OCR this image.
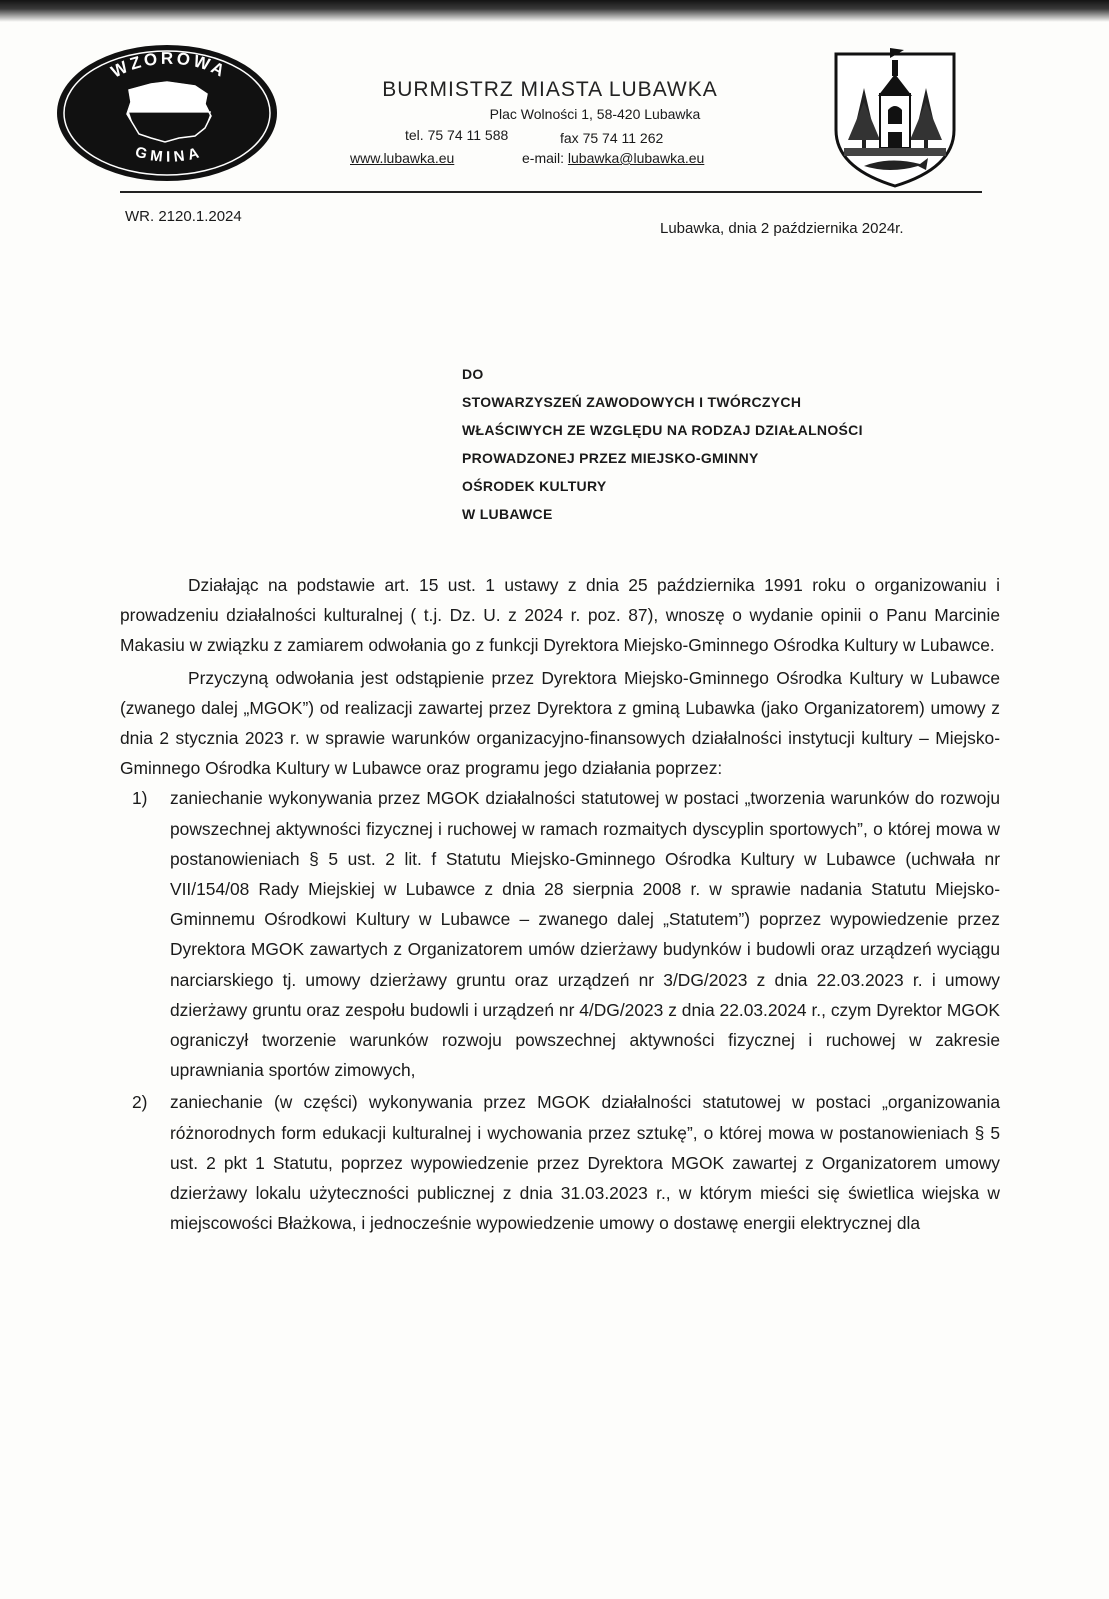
WZOROWA
GMINA
BURMISTRZ MIASTA LUBAWKA
Plac Wolności 1, 58-420 Lubawka
tel. 75 74 11 588	fax 75 74 11 262
www.lubawka.eu	e-mail: lubawka@lubawka.eu
WR. 2120.1.2024
Lubawka, dnia 2 października 2024r.
DO
STOWARZYSZEŃ ZAWODOWYCH I TWÓRCZYCH
WŁAŚCIWYCH ZE WZGLĘDU NA RODZAJ DZIAŁALNOŚCI
PROWADZONEJ PRZEZ MIEJSKO-GMINNY
OŚRODEK KULTURY
W LUBAWCE

Działając na podstawie art. 15 ust. 1 ustawy z dnia 25 października 1991 roku o organizowaniu i prowadzeniu działalności kulturalnej ( t.j. Dz. U. z 2024 r. poz. 87), wnoszę o wydanie opinii o Panu Marcinie Makasiu w związku z zamiarem odwołania go z funkcji Dyrektora Miejsko-Gminnego Ośrodka Kultury w Lubawce.

Przyczyną odwołania jest odstąpienie przez Dyrektora Miejsko-Gminnego Ośrodka Kultury w Lubawce (zwanego dalej „MGOK”) od realizacji zawartej przez Dyrektora z gminą Lubawka (jako Organizatorem) umowy z dnia 2 stycznia 2023 r. w sprawie warunków organizacyjno-finansowych działalności instytucji kultury – Miejsko-Gminnego Ośrodka Kultury w Lubawce oraz programu jego działania poprzez:

1) zaniechanie wykonywania przez MGOK działalności statutowej w postaci „tworzenia warunków do rozwoju powszechnej aktywności fizycznej i ruchowej w ramach rozmaitych dyscyplin sportowych”, o której mowa w postanowieniach § 5 ust. 2 lit. f Statutu Miejsko-Gminnego Ośrodka Kultury w Lubawce (uchwała nr VII/154/08 Rady Miejskiej w Lubawce z dnia 28 sierpnia 2008 r. w sprawie nadania Statutu Miejsko-Gminnemu Ośrodkowi Kultury w Lubawce – zwanego dalej „Statutem”) poprzez wypowiedzenie przez Dyrektora MGOK zawartych z Organizatorem umów dzierżawy budynków i budowli oraz urządzeń wyciągu narciarskiego tj. umowy dzierżawy gruntu oraz urządzeń nr 3/DG/2023 z dnia 22.03.2023 r. i umowy dzierżawy gruntu oraz zespołu budowli i urządzeń nr 4/DG/2023 z dnia 22.03.2024 r., czym Dyrektor MGOK ograniczył tworzenie warunków rozwoju powszechnej aktywności fizycznej i ruchowej w zakresie uprawniania sportów zimowych,
2) zaniechanie (w części) wykonywania przez MGOK działalności statutowej w postaci „organizowania różnorodnych form edukacji kulturalnej i wychowania przez sztukę”, o której mowa w postanowieniach § 5 ust. 2 pkt 1 Statutu, poprzez wypowiedzenie przez Dyrektora MGOK zawartej z Organizatorem umowy dzierżawy lokalu użyteczności publicznej z dnia 31.03.2023 r., w którym mieści się świetlica wiejska w miejscowości Błażkowa, i jednocześnie wypowiedzenie umowy o dostawę energii elektrycznej dla
